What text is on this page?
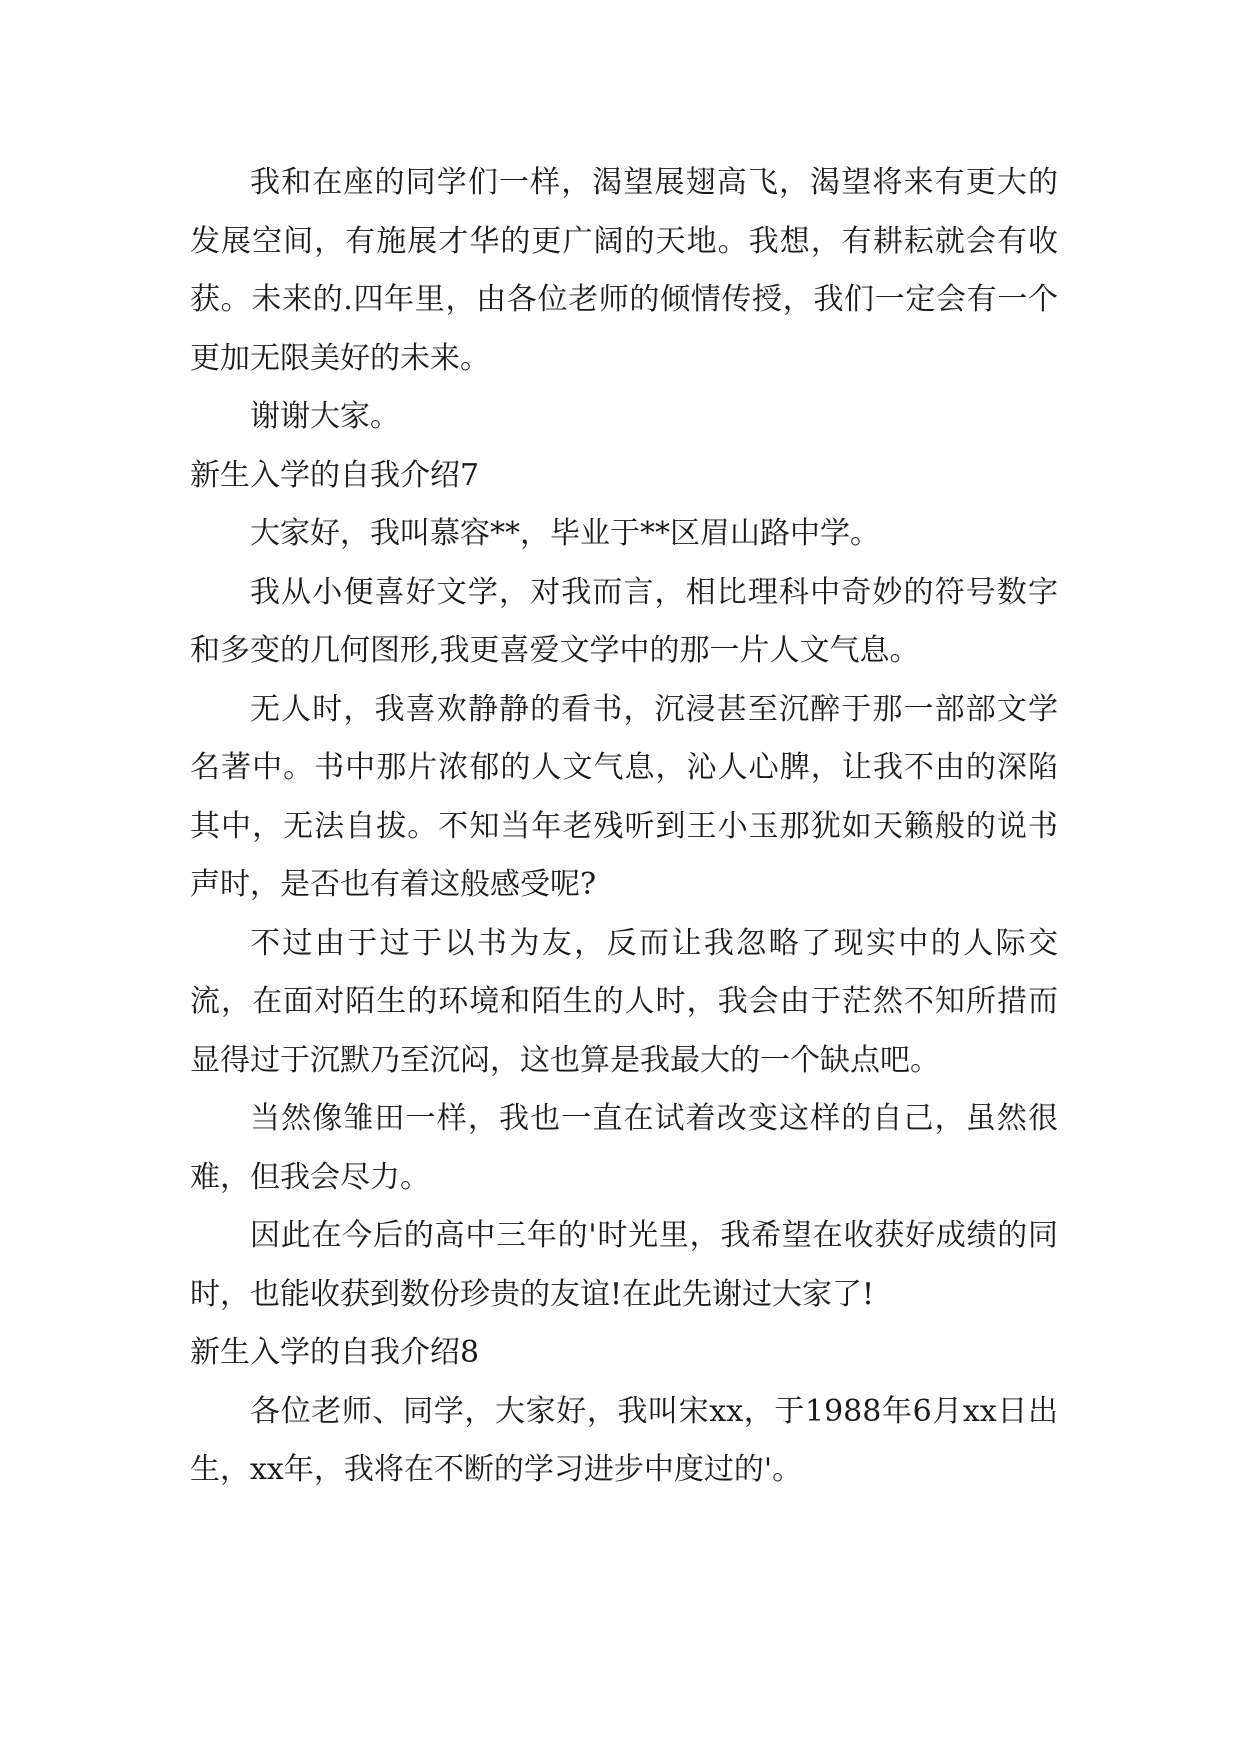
我和在座的同学们一样，渴望展翅高飞，渴望将来有更大的发展空间，有施展才华的更广阔的天地。我想，有耕耘就会有收获。未来的.四年里，由各位老师的倾情传授，我们一定会有一个更加无限美好的未来。

谢谢大家。

新生入学的自我介绍7

大家好，我叫慕容**，毕业于**区眉山路中学。

我从小便喜好文学，对我而言，相比理科中奇妙的符号数字和多变的几何图形,我更喜爱文学中的那一片人文气息。

无人时，我喜欢静静的看书，沉浸甚至沉醉于那一部部文学名著中。书中那片浓郁的人文气息，沁人心脾，让我不由的深陷其中，无法自拔。不知当年老残听到王小玉那犹如天籁般的说书声时，是否也有着这般感受呢?

不过由于过于以书为友，反而让我忽略了现实中的人际交流，在面对陌生的环境和陌生的人时，我会由于茫然不知所措而显得过于沉默乃至沉闷，这也算是我最大的一个缺点吧。

当然像雏田一样，我也一直在试着改变这样的自己，虽然很难，但我会尽力。

因此在今后的高中三年的'时光里，我希望在收获好成绩的同时，也能收获到数份珍贵的友谊!在此先谢过大家了!

新生入学的自我介绍8

各位老师、同学，大家好，我叫宋xx，于1988年6月xx日出生，xx年，我将在不断的学习进步中度过的'。
